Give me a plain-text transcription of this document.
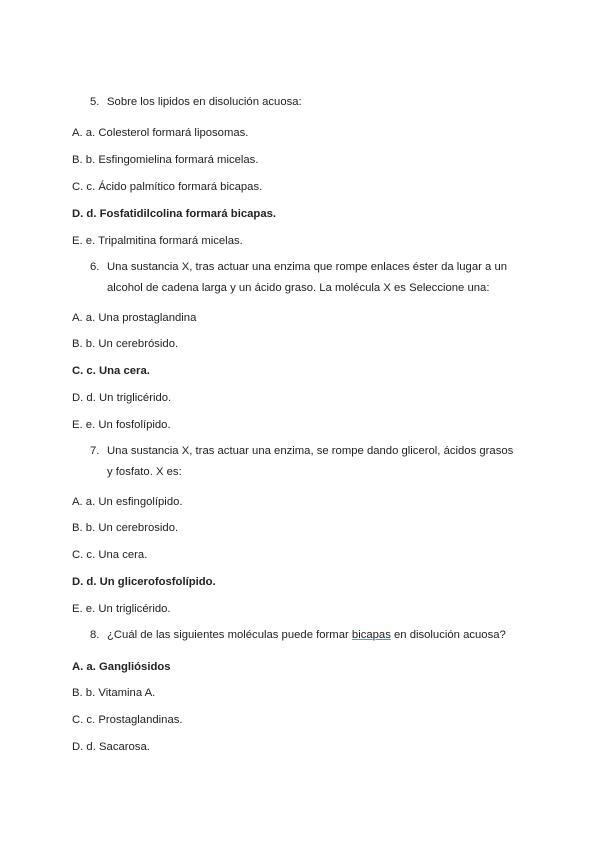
5. Sobre los lipidos en disolución acuosa:
A. a. Colesterol formará liposomas.
B. b. Esfingomielina formará micelas.
C. c. Ácido palmítico formará bicapas.
D. d. Fosfatidilcolina formará bicapas.
E. e. Tripalmitina formará micelas.
6. Una sustancia X, tras actuar una enzima que rompe enlaces éster da lugar a un alcohol de cadena larga y un ácido graso. La molécula X es Seleccione una:
A. a. Una prostaglandina
B. b. Un cerebrósido.
C. c. Una cera.
D. d. Un triglicérido.
E. e. Un fosfolípido.
7. Una sustancia X, tras actuar una enzima, se rompe dando glicerol, ácidos grasos y fosfato. X es:
A. a. Un esfingolípido.
B. b. Un cerebrosido.
C. c. Una cera.
D. d. Un glicerofosfolípido.
E. e. Un triglicérido.
8. ¿Cuál de las siguientes moléculas puede formar bicapas en disolución acuosa?
A. a. Gangliósidos
B. b. Vitamina A.
C. c. Prostaglandinas.
D. d. Sacarosa.
